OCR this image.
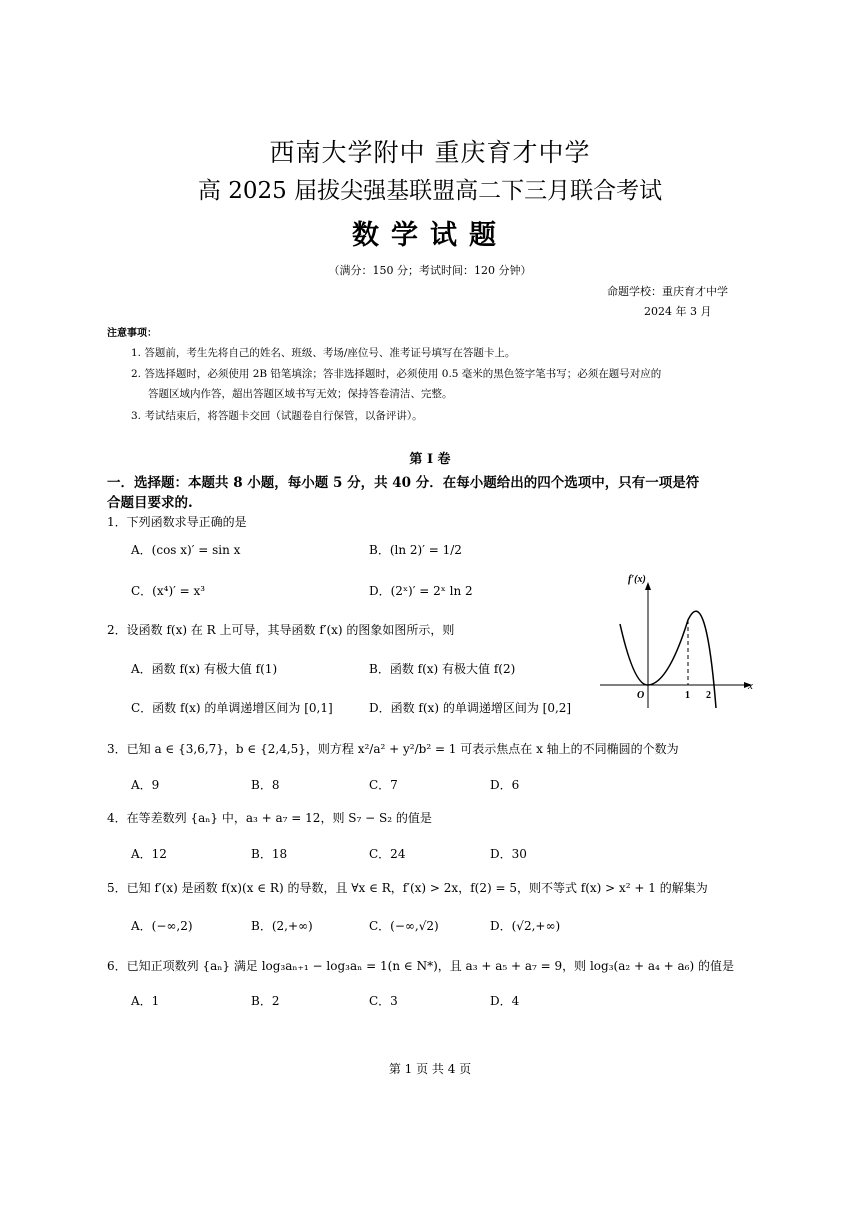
西南大学附中 重庆育才中学
高 2025 届拔尖强基联盟高二下三月联合考试
数学试题
（满分：150 分；考试时间：120 分钟）
命题学校：重庆育才中学
2024 年 3 月
注意事项：
1. 答题前，考生先将自己的姓名、班级、考场/座位号、准考证号填写在答题卡上。
2. 答选择题时，必须使用 2B 铅笔填涂；答非选择题时，必须使用 0.5 毫米的黑色签字笔书写；必须在题号对应的
答题区域内作答，超出答题区域书写无效；保持答卷清洁、完整。
3. 考试结束后，将答题卡交回（试题卷自行保管，以备评讲）。
第 I 卷
一．选择题：本题共 8 小题，每小题 5 分，共 40 分．在每小题给出的四个选项中，只有一项是符
合题目要求的.
1．下列函数求导正确的是
A．(cos x)′ = sin x	B．(ln 2)′ = 1/2
C．(x⁴)′ = x³	D．(2ˣ)′ = 2ˣ ln 2
2．设函数 f(x) 在 R 上可导，其导函数 f′(x) 的图象如图所示，则
A．函数 f(x) 有极大值 f(1)	B．函数 f(x) 有极大值 f(2)
C．函数 f(x) 的单调递增区间为 [0,1]	D．函数 f(x) 的单调递增区间为 [0,2]
f′(x)
x
O	1 2
3．已知 a ∈ {3,6,7}，b ∈ {2,4,5}，则方程 x²/a² + y²/b² = 1 可表示焦点在 x 轴上的不同椭圆的个数为
A．9	B．8	C．7	D．6
4．在等差数列 {aₙ} 中，a₃ + a₇ = 12，则 S₇ − S₂ 的值是
A．12	B．18	C．24	D．30
5．已知 f′(x) 是函数 f(x)(x ∈ R) 的导数，且 ∀x ∈ R，f′(x) > 2x，f(2) = 5，则不等式 f(x) > x² + 1 的解集为
A．(−∞,2)	B．(2,+∞)	C．(−∞,√2)	D．(√2,+∞)
6．已知正项数列 {aₙ} 满足 log₃aₙ₊₁ − log₃aₙ = 1(n ∈ N*)，且 a₃ + a₅ + a₇ = 9，则 log₃(a₂ + a₄ + a₆) 的值是
A．1	B．2	C．3	D．4
第 1 页 共 4 页
